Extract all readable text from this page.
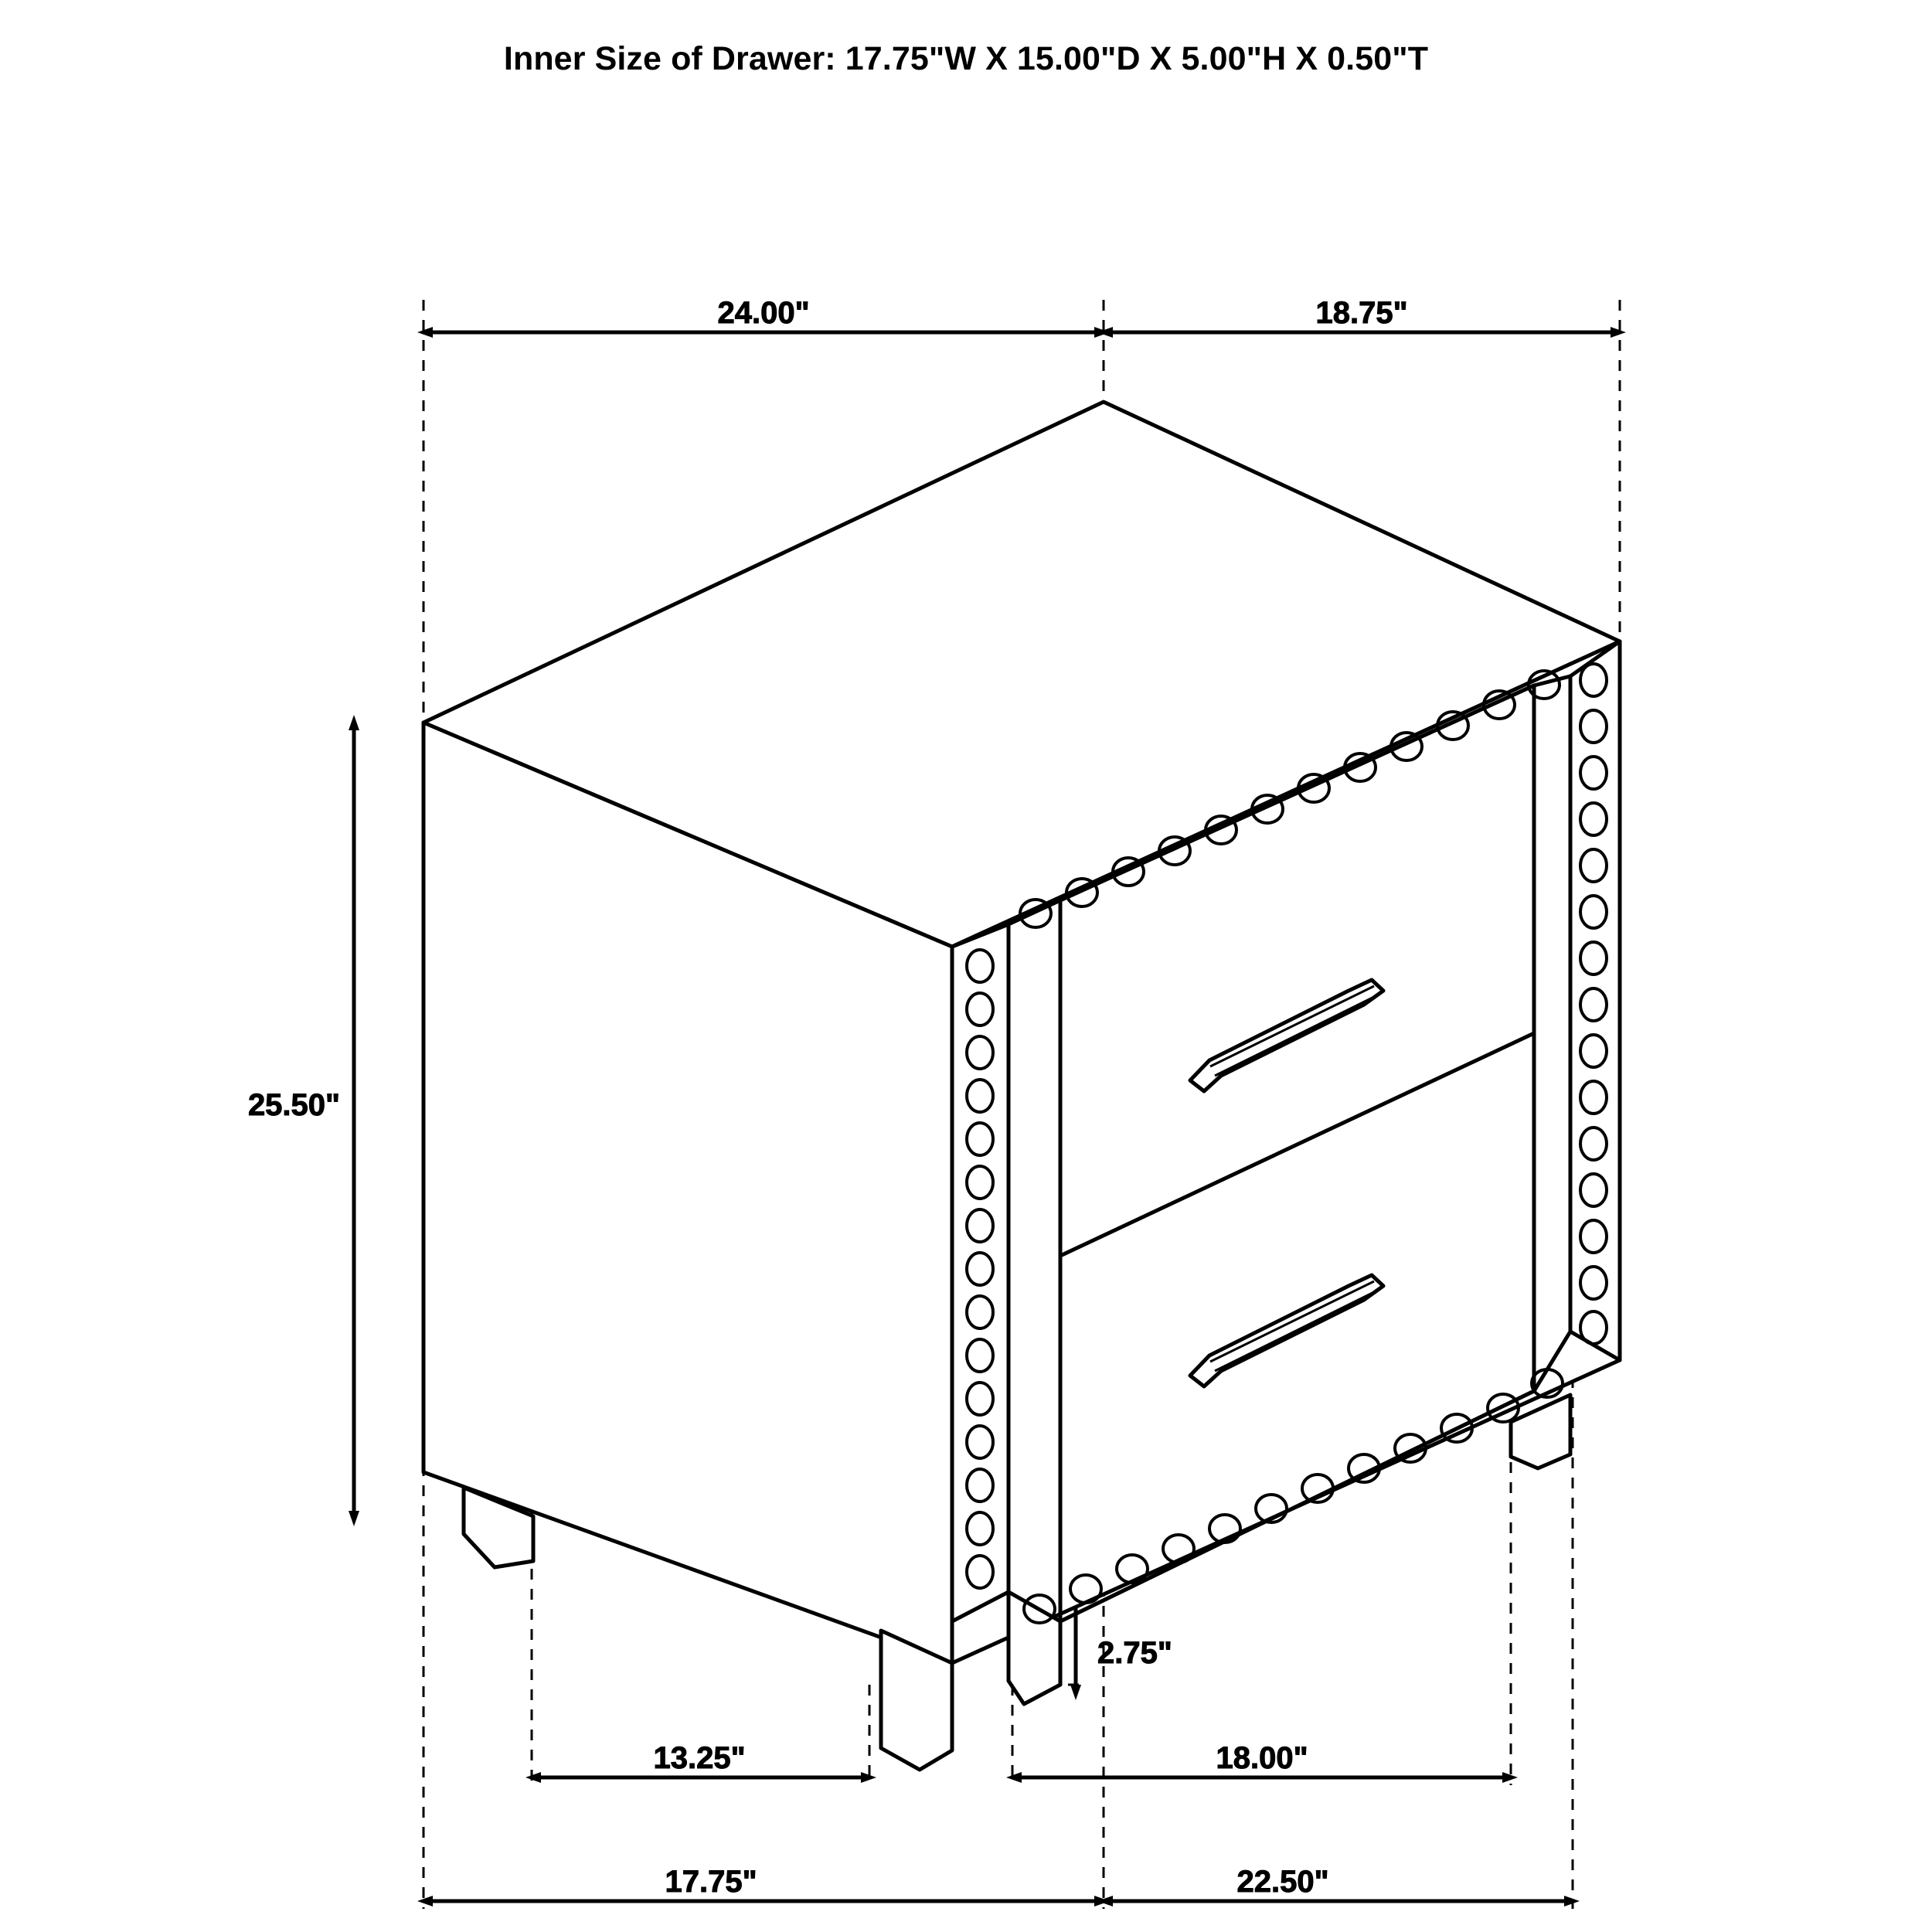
Inner Size of Drawer: 17.75"W X 15.00"D X 5.00"H X 0.50"T
24.00"	18.75"
25.50"
2.75"
13.25"	18.00"
17.75"	22.50"
